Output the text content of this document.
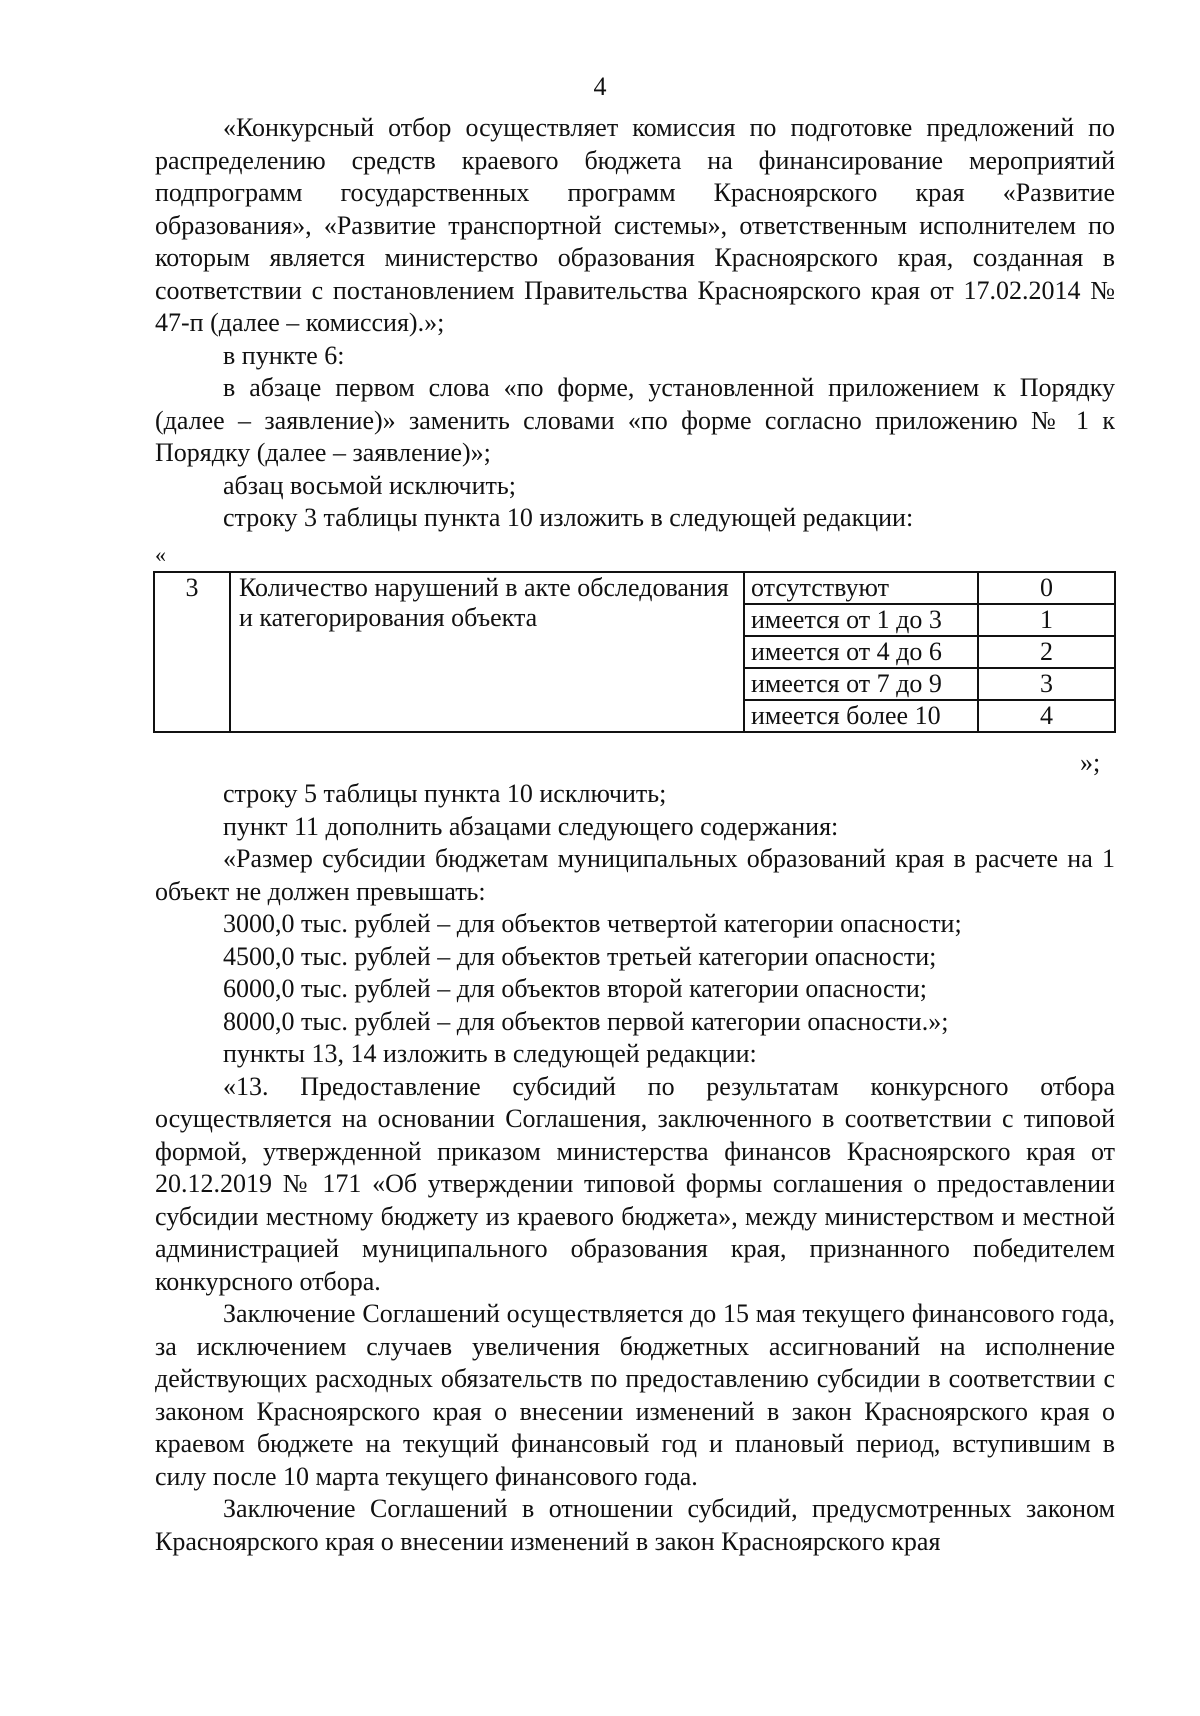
4

«Конкурсный отбор осуществляет комиссия по подготовке предложений по распределению средств краевого бюджета на финансирование мероприятий подпрограмм государственных программ Красноярского края «Развитие образования», «Развитие транспортной системы», ответственным исполнителем по которым является министерство образования Красноярского края, созданная в соответствии с постановлением Правительства Красноярского края от 17.02.2014 № 47-п (далее – комиссия).»;

в пункте 6:

в абзаце первом слова «по форме, установленной приложением к Порядку (далее – заявление)» заменить словами «по форме согласно приложению № 1 к Порядку (далее – заявление)»;

абзац восьмой исключить;

строку 3 таблицы пункта 10 изложить в следующей редакции:

«
3	Количество нарушений в акте обследования и категорирования объекта	отсутствуют	0
		имеется от 1 до 3	1
		имеется от 4 до 6	2
		имеется от 7 до 9	3
		имеется более 10	4
»;

строку 5 таблицы пункта 10 исключить;

пункт 11 дополнить абзацами следующего содержания:

«Размер субсидии бюджетам муниципальных образований края в расчете на 1 объект не должен превышать:

3000,0 тыс. рублей – для объектов четвертой категории опасности;

4500,0 тыс. рублей – для объектов третьей категории опасности;

6000,0 тыс. рублей – для объектов второй категории опасности;

8000,0 тыс. рублей – для объектов первой категории опасности.»;

пункты 13, 14 изложить в следующей редакции:

«13. Предоставление субсидий по результатам конкурсного отбора осуществляется на основании Соглашения, заключенного в соответствии с типовой формой, утвержденной приказом министерства финансов Красноярского края от 20.12.2019 № 171 «Об утверждении типовой формы соглашения о предоставлении субсидии местному бюджету из краевого бюджета», между министерством и местной администрацией муниципального образования края, признанного победителем конкурсного отбора.

Заключение Соглашений осуществляется до 15 мая текущего финансового года, за исключением случаев увеличения бюджетных ассигнований на исполнение действующих расходных обязательств по предоставлению субсидии в соответствии с законом Красноярского края о внесении изменений в закон Красноярского края о краевом бюджете на текущий финансовый год и плановый период, вступившим в силу после 10 марта текущего финансового года.

Заключение Соглашений в отношении субсидий, предусмотренных законом Красноярского края о внесении изменений в закон Красноярского края
